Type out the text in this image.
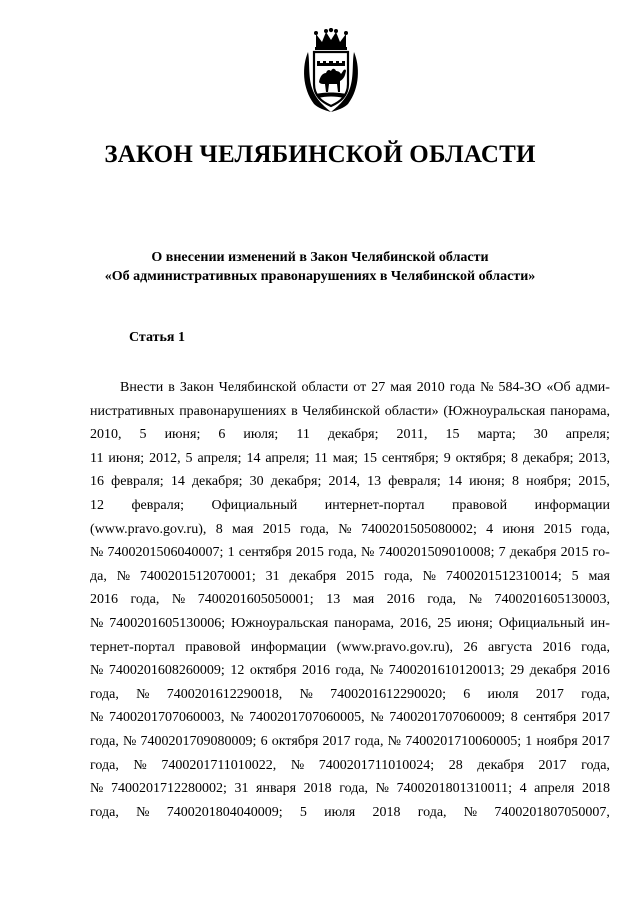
ЗАКОН ЧЕЛЯБИНСКОЙ ОБЛАСТИ
О внесении изменений в Закон Челябинской области
«Об административных правонарушениях в Челябинской области»
Статья 1
Внести в Закон Челябинской области от 27 мая 2010 года № 584-ЗО «Об адми-
нистративных правонарушениях в Челябинской области» (Южноуральская панорама,
2010, 5 июня; 6 июля; 11 декабря; 2011, 15 марта; 30 апреля;
11 июня; 2012, 5 апреля; 14 апреля; 11 мая; 15 сентября; 9 октября; 8 декабря; 2013,
16 февраля; 14 декабря; 30 декабря; 2014, 13 февраля; 14 июня; 8 ноября; 2015,
12 февраля; Официальный интернет-портал правовой информации
(www.pravo.gov.ru), 8 мая 2015 года, № 7400201505080002; 4 июня 2015 года,
№ 7400201506040007; 1 сентября 2015 года, № 7400201509010008; 7 декабря 2015 го-
да, № 7400201512070001; 31 декабря 2015 года, № 7400201512310014; 5 мая
2016 года, № 7400201605050001; 13 мая 2016 года, № 7400201605130003,
№ 7400201605130006; Южноуральская панорама, 2016, 25 июня; Официальный ин-
тернет-портал правовой информации (www.pravo.gov.ru), 26 августа 2016 года,
№ 7400201608260009; 12 октября 2016 года, № 7400201610120013; 29 декабря 2016
года, № 7400201612290018, № 7400201612290020; 6 июля 2017 года,
№ 7400201707060003, № 7400201707060005, № 7400201707060009; 8 сентября 2017
года, № 7400201709080009; 6 октября 2017 года, № 7400201710060005; 1 ноября 2017
года, № 7400201711010022, № 7400201711010024; 28 декабря 2017 года,
№ 7400201712280002; 31 января 2018 года, № 7400201801310011; 4 апреля 2018
года, № 7400201804040009; 5 июля 2018 года, № 7400201807050007,
